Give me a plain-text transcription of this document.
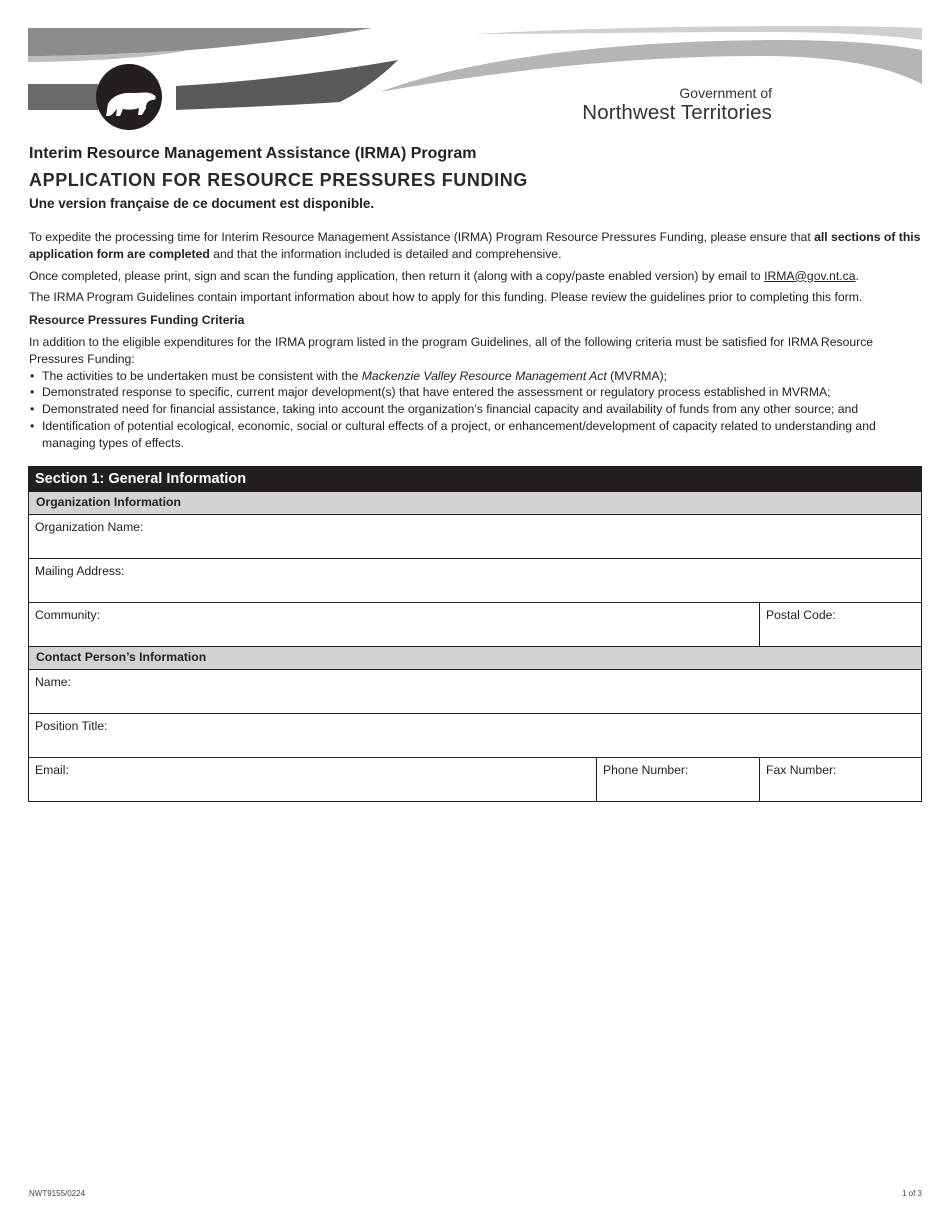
Government of
Northwest Territories
Interim Resource Management Assistance (IRMA) Program
APPLICATION FOR RESOURCE PRESSURES FUNDING
Une version française de ce document est disponible.

To expedite the processing time for Interim Resource Management Assistance (IRMA) Program Resource Pressures Funding, please ensure that all sections of this application form are completed and that the information included is detailed and comprehensive.

Once completed, please print, sign and scan the funding application, then return it (along with a copy/paste enabled version) by email to IRMA@gov.nt.ca.

The IRMA Program Guidelines contain important information about how to apply for this funding. Please review the guidelines prior to completing this form.

Resource Pressures Funding Criteria

In addition to the eligible expenditures for the IRMA program listed in the program Guidelines, all of the following criteria must be satisfied for IRMA Resource Pressures Funding:

• The activities to be undertaken must be consistent with the Mackenzie Valley Resource Management Act (MVRMA);
• Demonstrated response to specific, current major development(s) that have entered the assessment or regulatory process established in MVRMA;
• Demonstrated need for financial assistance, taking into account the organization’s financial capacity and availability of funds from any other source; and
• Identification of potential ecological, economic, social or cultural effects of a project, or enhancement/development of capacity related to understanding and managing types of effects.
Section 1: General Information
Organization Information
Organization Name:
Mailing Address:
Community:	Postal Code:
Contact Person’s Information
Name:
Position Title:
Email:	Phone Number:	Fax Number:
NWT9155/0224	1 of 3
